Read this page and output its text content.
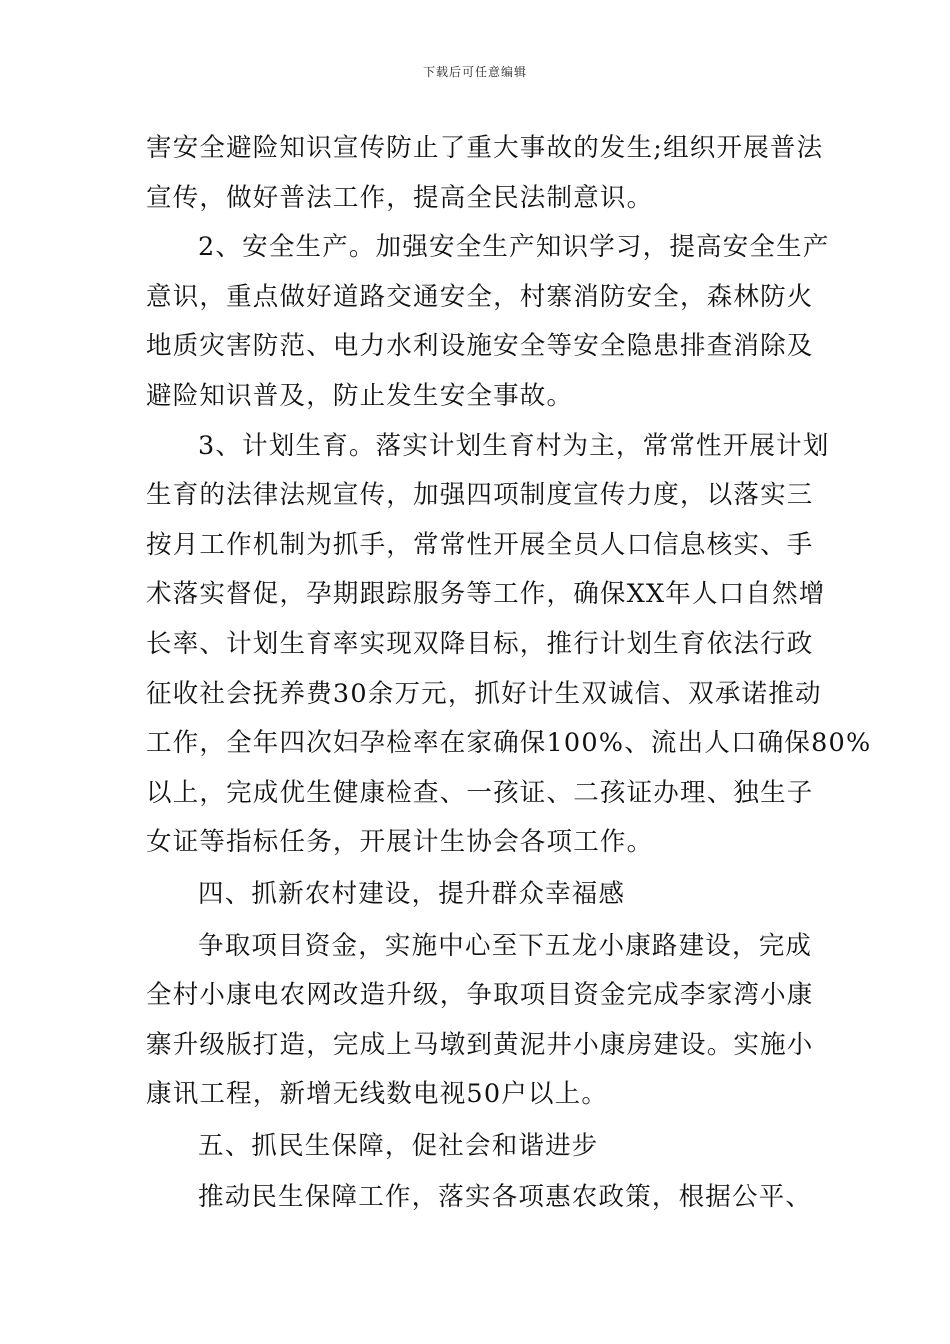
下载后可任意编辑

害安全避险知识宣传防止了重大事故的发生;组织开展普法
宣传，做好普法工作，提高全民法制意识。

2、安全生产。加强安全生产知识学习，提高安全生产
意识，重点做好道路交通安全，村寨消防安全，森林防火
地质灾害防范、电力水利设施安全等安全隐患排查消除及
避险知识普及，防止发生安全事故。

3、计划生育。落实计划生育村为主，常常性开展计划
生育的法律法规宣传，加强四项制度宣传力度，以落实三
按月工作机制为抓手，常常性开展全员人口信息核实、手
术落实督促，孕期跟踪服务等工作，确保XX年人口自然增
长率、计划生育率实现双降目标，推行计划生育依法行政
征收社会抚养费30余万元，抓好计生双诚信、双承诺推动
工作，全年四次妇孕检率在家确保100%、流出人口确保80%
以上，完成优生健康检查、一孩证、二孩证办理、独生子
女证等指标任务，开展计生协会各项工作。

四、抓新农村建设，提升群众幸福感

争取项目资金，实施中心至下五龙小康路建设，完成
全村小康电农网改造升级，争取项目资金完成李家湾小康
寨升级版打造，完成上马墩到黄泥井小康房建设。实施小
康讯工程，新增无线数电视50户以上。

五、抓民生保障，促社会和谐进步

推动民生保障工作，落实各项惠农政策，根据公平、
